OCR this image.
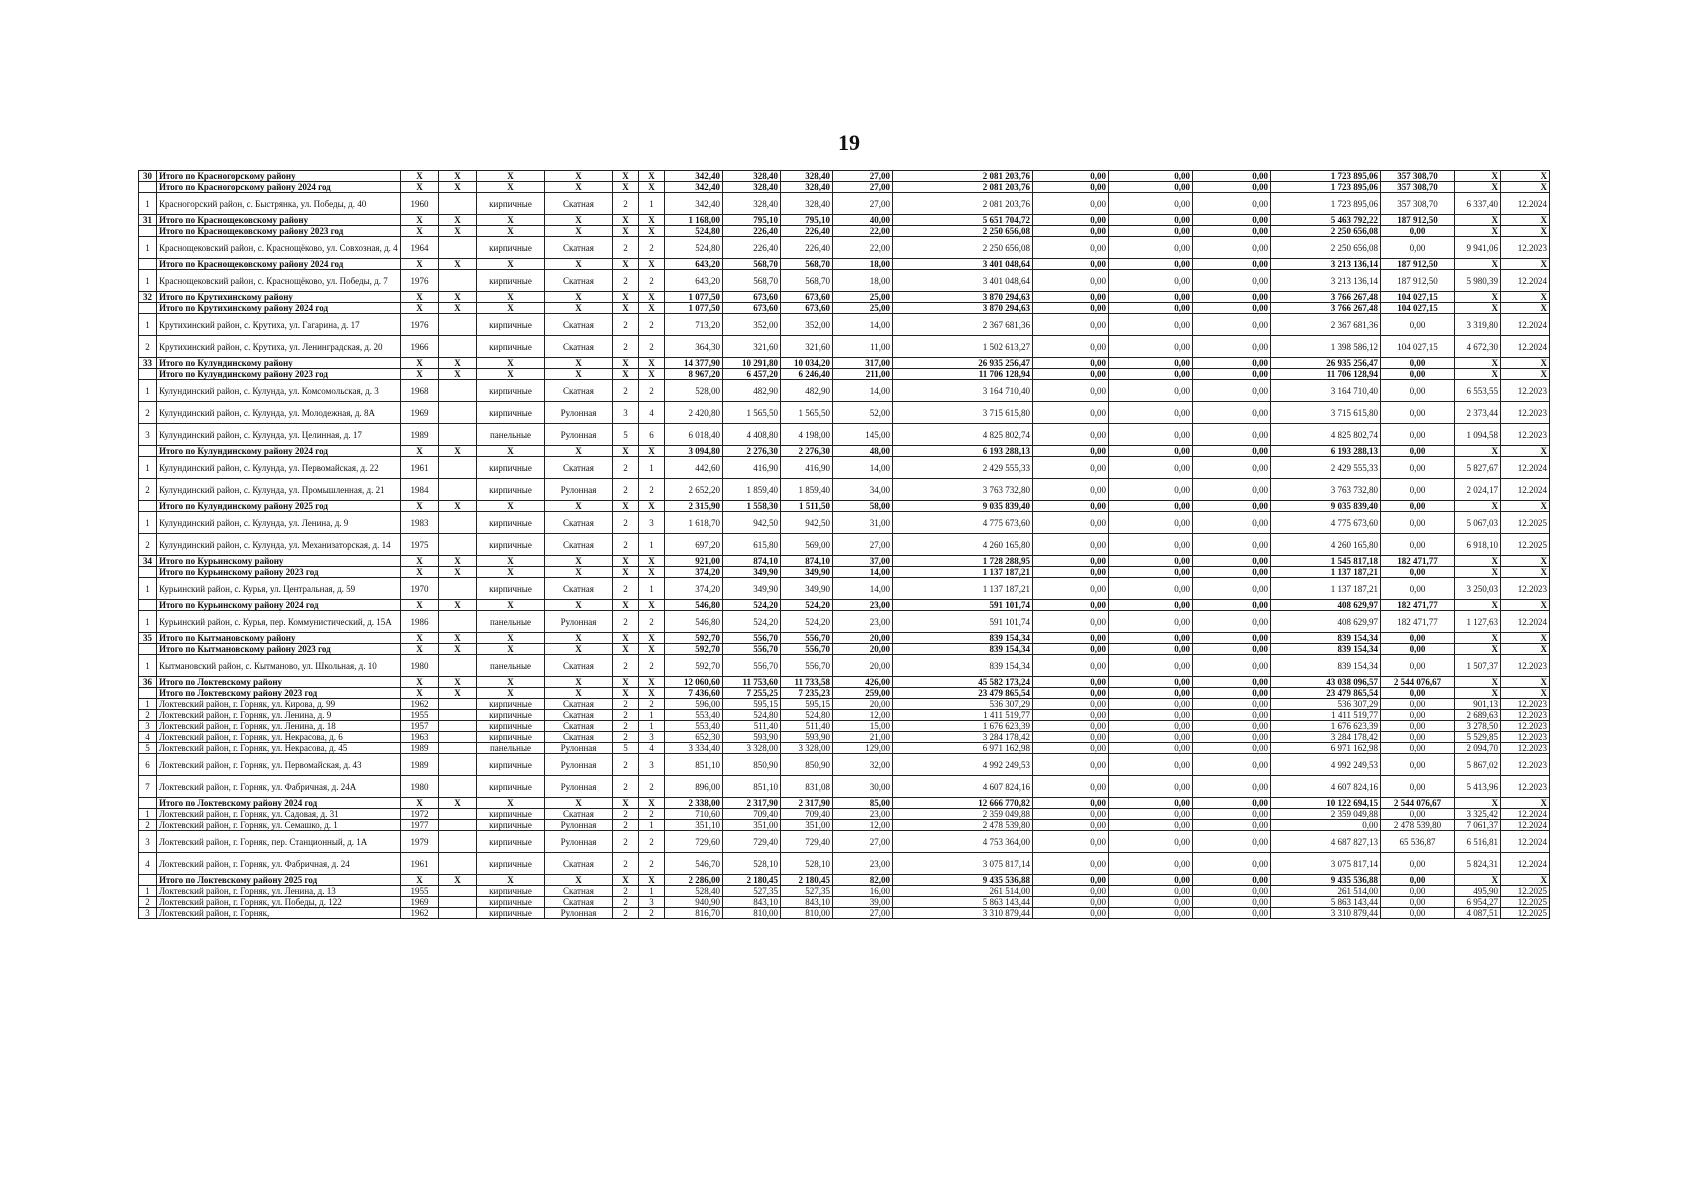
19
30	Итого по Красногорскому району	Х	Х	Х	Х	Х	Х	342,40	328,40	328,40	27,00	2 081 203,76	0,00	0,00	0,00	1 723 895,06	357 308,70	Х	Х
	Итого по Красногорскому району 2024 год	Х	Х	Х	Х	Х	Х	342,40	328,40	328,40	27,00	2 081 203,76	0,00	0,00	0,00	1 723 895,06	357 308,70	Х	Х
1	Красногорский район, с. Быстрянка, ул. Победы, д. 40	1960		кирпичные	Скатная	2	1	342,40	328,40	328,40	27,00	2 081 203,76	0,00	0,00	0,00	1 723 895,06	357 308,70	6 337,40	12.2024
31	Итого по Краснощековскому району	Х	Х	Х	Х	Х	Х	1 168,00	795,10	795,10	40,00	5 651 704,72	0,00	0,00	0,00	5 463 792,22	187 912,50	Х	Х
	Итого по Краснощековскому району 2023 год	Х	Х	Х	Х	Х	Х	524,80	226,40	226,40	22,00	2 250 656,08	0,00	0,00	0,00	2 250 656,08	0,00	Х	Х
1	Краснощековский район, с. Краснощёково, ул. Совхозная, д. 4	1964		кирпичные	Скатная	2	2	524,80	226,40	226,40	22,00	2 250 656,08	0,00	0,00	0,00	2 250 656,08	0,00	9 941,06	12.2023
	Итого по Краснощековскому району 2024 год	Х	Х	Х	Х	Х	Х	643,20	568,70	568,70	18,00	3 401 048,64	0,00	0,00	0,00	3 213 136,14	187 912,50	Х	Х
1	Краснощековский район, с. Краснощёково, ул. Победы, д. 7	1976		кирпичные	Скатная	2	2	643,20	568,70	568,70	18,00	3 401 048,64	0,00	0,00	0,00	3 213 136,14	187 912,50	5 980,39	12.2024
32	Итого по Крутихинскому району	Х	Х	Х	Х	Х	Х	1 077,50	673,60	673,60	25,00	3 870 294,63	0,00	0,00	0,00	3 766 267,48	104 027,15	Х	Х
	Итого по Крутихинскому району 2024 год	Х	Х	Х	Х	Х	Х	1 077,50	673,60	673,60	25,00	3 870 294,63	0,00	0,00	0,00	3 766 267,48	104 027,15	Х	Х
1	Крутихинский район, с. Крутиха, ул. Гагарина, д. 17	1976		кирпичные	Скатная	2	2	713,20	352,00	352,00	14,00	2 367 681,36	0,00	0,00	0,00	2 367 681,36	0,00	3 319,80	12.2024
2	Крутихинский район, с. Крутиха, ул. Ленинградская, д. 20	1966		кирпичные	Скатная	2	2	364,30	321,60	321,60	11,00	1 502 613,27	0,00	0,00	0,00	1 398 586,12	104 027,15	4 672,30	12.2024
33	Итого по Кулундинскому району	Х	Х	Х	Х	Х	Х	14 377,90	10 291,80	10 034,20	317,00	26 935 256,47	0,00	0,00	0,00	26 935 256,47	0,00	Х	Х
	Итого по Кулундинскому району 2023 год	Х	Х	Х	Х	Х	Х	8 967,20	6 457,20	6 246,40	211,00	11 706 128,94	0,00	0,00	0,00	11 706 128,94	0,00	Х	Х
1	Кулундинский район, с. Кулунда, ул. Комсомольская, д. 3	1968		кирпичные	Скатная	2	2	528,00	482,90	482,90	14,00	3 164 710,40	0,00	0,00	0,00	3 164 710,40	0,00	6 553,55	12.2023
2	Кулундинский район, с. Кулунда, ул. Молодежная, д. 8А	1969		кирпичные	Рулонная	3	4	2 420,80	1 565,50	1 565,50	52,00	3 715 615,80	0,00	0,00	0,00	3 715 615,80	0,00	2 373,44	12.2023
3	Кулундинский район, с. Кулунда, ул. Целинная, д. 17	1989		панельные	Рулонная	5	6	6 018,40	4 408,80	4 198,00	145,00	4 825 802,74	0,00	0,00	0,00	4 825 802,74	0,00	1 094,58	12.2023
	Итого по Кулундинскому району 2024 год	Х	Х	Х	Х	Х	Х	3 094,80	2 276,30	2 276,30	48,00	6 193 288,13	0,00	0,00	0,00	6 193 288,13	0,00	Х	Х
1	Кулундинский район, с. Кулунда, ул. Первомайская, д. 22	1961		кирпичные	Скатная	2	1	442,60	416,90	416,90	14,00	2 429 555,33	0,00	0,00	0,00	2 429 555,33	0,00	5 827,67	12.2024
2	Кулундинский район, с. Кулунда, ул. Промышленная, д. 21	1984		кирпичные	Рулонная	2	2	2 652,20	1 859,40	1 859,40	34,00	3 763 732,80	0,00	0,00	0,00	3 763 732,80	0,00	2 024,17	12.2024
	Итого по Кулундинскому району 2025 год	Х	Х	Х	Х	Х	Х	2 315,90	1 558,30	1 511,50	58,00	9 035 839,40	0,00	0,00	0,00	9 035 839,40	0,00	Х	Х
1	Кулундинский район, с. Кулунда, ул. Ленина, д. 9	1983		кирпичные	Скатная	2	3	1 618,70	942,50	942,50	31,00	4 775 673,60	0,00	0,00	0,00	4 775 673,60	0,00	5 067,03	12.2025
2	Кулундинский район, с. Кулунда, ул. Механизаторская, д. 14	1975		кирпичные	Скатная	2	1	697,20	615,80	569,00	27,00	4 260 165,80	0,00	0,00	0,00	4 260 165,80	0,00	6 918,10	12.2025
34	Итого по Курьинскому району	Х	Х	Х	Х	Х	Х	921,00	874,10	874,10	37,00	1 728 288,95	0,00	0,00	0,00	1 545 817,18	182 471,77	Х	Х
	Итого по Курьинскому району 2023 год	Х	Х	Х	Х	Х	Х	374,20	349,90	349,90	14,00	1 137 187,21	0,00	0,00	0,00	1 137 187,21	0,00	Х	Х
1	Курьинский район, с. Курья, ул. Центральная, д. 59	1970		кирпичные	Скатная	2	1	374,20	349,90	349,90	14,00	1 137 187,21	0,00	0,00	0,00	1 137 187,21	0,00	3 250,03	12.2023
	Итого по Курьинскому району 2024 год	Х	Х	Х	Х	Х	Х	546,80	524,20	524,20	23,00	591 101,74	0,00	0,00	0,00	408 629,97	182 471,77	Х	Х
1	Курьинский район, с. Курья, пер. Коммунистический, д. 15А	1986		панельные	Рулонная	2	2	546,80	524,20	524,20	23,00	591 101,74	0,00	0,00	0,00	408 629,97	182 471,77	1 127,63	12.2024
35	Итого по Кытмановскому району	Х	Х	Х	Х	Х	Х	592,70	556,70	556,70	20,00	839 154,34	0,00	0,00	0,00	839 154,34	0,00	Х	Х
	Итого по Кытмановскому району 2023 год	Х	Х	Х	Х	Х	Х	592,70	556,70	556,70	20,00	839 154,34	0,00	0,00	0,00	839 154,34	0,00	Х	Х
1	Кытмановский район, с. Кытманово, ул. Школьная, д. 10	1980		панельные	Скатная	2	2	592,70	556,70	556,70	20,00	839 154,34	0,00	0,00	0,00	839 154,34	0,00	1 507,37	12.2023
36	Итого по Локтевскому району	Х	Х	Х	Х	Х	Х	12 060,60	11 753,60	11 733,58	426,00	45 582 173,24	0,00	0,00	0,00	43 038 096,57	2 544 076,67	Х	Х
	Итого по Локтевскому району 2023 год	Х	Х	Х	Х	Х	Х	7 436,60	7 255,25	7 235,23	259,00	23 479 865,54	0,00	0,00	0,00	23 479 865,54	0,00	Х	Х
1	Локтевский район, г. Горняк, ул. Кирова, д. 99	1962		кирпичные	Скатная	2	2	596,00	595,15	595,15	20,00	536 307,29	0,00	0,00	0,00	536 307,29	0,00	901,13	12.2023
2	Локтевский район, г. Горняк, ул. Ленина, д. 9	1955		кирпичные	Скатная	2	1	553,40	524,80	524,80	12,00	1 411 519,77	0,00	0,00	0,00	1 411 519,77	0,00	2 689,63	12.2023
3	Локтевский район, г. Горняк, ул. Ленина, д. 18	1957		кирпичные	Скатная	2	1	553,40	511,40	511,40	15,00	1 676 623,39	0,00	0,00	0,00	1 676 623,39	0,00	3 278,50	12.2023
4	Локтевский район, г. Горняк, ул. Некрасова, д. 6	1963		кирпичные	Скатная	2	3	652,30	593,90	593,90	21,00	3 284 178,42	0,00	0,00	0,00	3 284 178,42	0,00	5 529,85	12.2023
5	Локтевский район, г. Горняк, ул. Некрасова, д. 45	1989		панельные	Рулонная	5	4	3 334,40	3 328,00	3 328,00	129,00	6 971 162,98	0,00	0,00	0,00	6 971 162,98	0,00	2 094,70	12.2023
6	Локтевский район, г. Горняк, ул. Первомайская, д. 43	1989		кирпичные	Рулонная	2	3	851,10	850,90	850,90	32,00	4 992 249,53	0,00	0,00	0,00	4 992 249,53	0,00	5 867,02	12.2023
7	Локтевский район, г. Горняк, ул. Фабричная, д. 24А	1980		кирпичные	Рулонная	2	2	896,00	851,10	831,08	30,00	4 607 824,16	0,00	0,00	0,00	4 607 824,16	0,00	5 413,96	12.2023
	Итого по Локтевскому району 2024 год	Х	Х	Х	Х	Х	Х	2 338,00	2 317,90	2 317,90	85,00	12 666 770,82	0,00	0,00	0,00	10 122 694,15	2 544 076,67	Х	Х
1	Локтевский район, г. Горняк, ул. Садовая, д. 31	1972		кирпичные	Скатная	2	2	710,60	709,40	709,40	23,00	2 359 049,88	0,00	0,00	0,00	2 359 049,88	0,00	3 325,42	12.2024
2	Локтевский район, г. Горняк, ул. Семашко, д. 1	1977		кирпичные	Рулонная	2	1	351,10	351,00	351,00	12,00	2 478 539,80	0,00	0,00	0,00	0,00	2 478 539,80	7 061,37	12.2024
3	Локтевский район, г. Горняк, пер. Станционный, д. 1А	1979		кирпичные	Рулонная	2	2	729,60	729,40	729,40	27,00	4 753 364,00	0,00	0,00	0,00	4 687 827,13	65 536,87	6 516,81	12.2024
4	Локтевский район, г. Горняк, ул. Фабричная, д. 24	1961		кирпичные	Скатная	2	2	546,70	528,10	528,10	23,00	3 075 817,14	0,00	0,00	0,00	3 075 817,14	0,00	5 824,31	12.2024
	Итого по Локтевскому району 2025 год	Х	Х	Х	Х	Х	Х	2 286,00	2 180,45	2 180,45	82,00	9 435 536,88	0,00	0,00	0,00	9 435 536,88	0,00	Х	Х
1	Локтевский район, г. Горняк, ул. Ленина, д. 13	1955		кирпичные	Скатная	2	1	528,40	527,35	527,35	16,00	261 514,00	0,00	0,00	0,00	261 514,00	0,00	495,90	12.2025
2	Локтевский район, г. Горняк, ул. Победы, д. 122	1969		кирпичные	Скатная	2	3	940,90	843,10	843,10	39,00	5 863 143,44	0,00	0,00	0,00	5 863 143,44	0,00	6 954,27	12.2025
3	Локтевский район, г. Горняк,	1962		кирпичные	Рулонная	2	2	816,70	810,00	810,00	27,00	3 310 879,44	0,00	0,00	0,00	3 310 879,44	0,00	4 087,51	12.2025
